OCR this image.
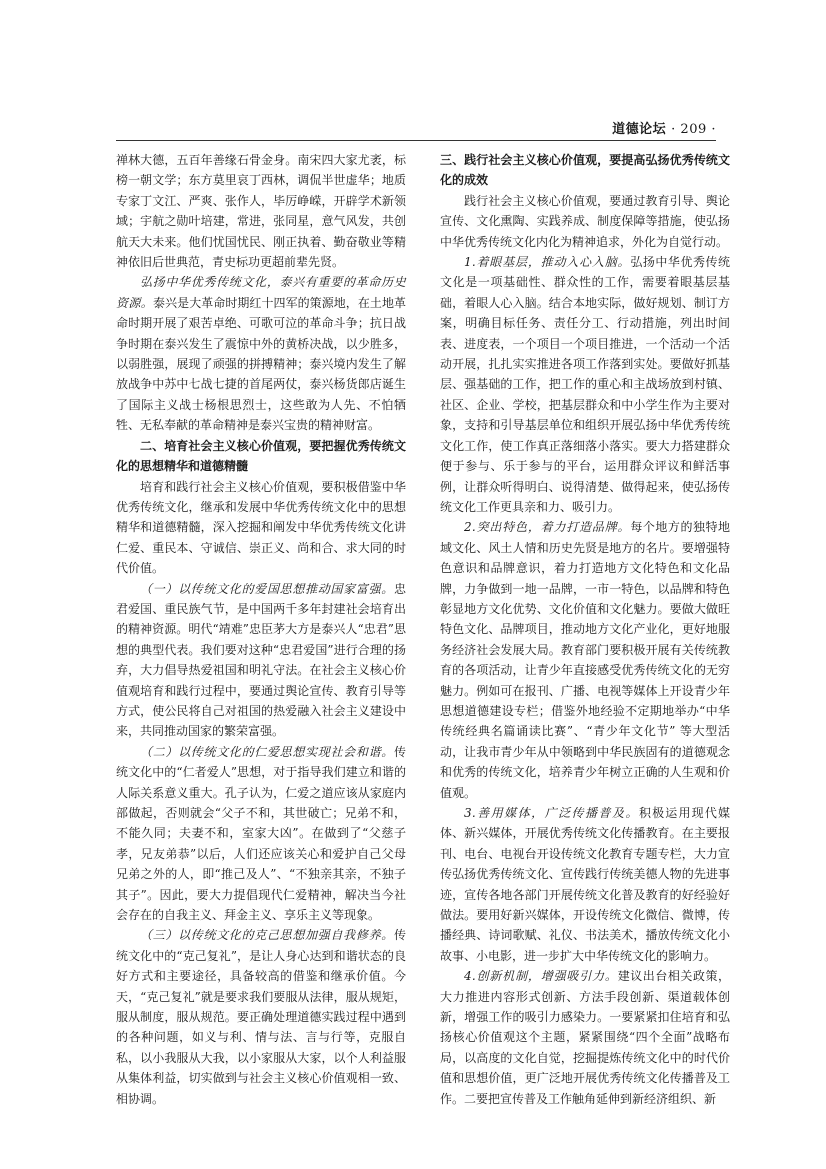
道德论坛 · 209 ·

禅林大德，五百年善缘石骨金身。南宋四大家尤袤，标榜一朝文学；东方莫里哀丁西林，调侃半世虚华；地质专家丁文江、严爽、张作人，毕厉峥嵘，开辟学术新领域；宇航之勋叶培建，常进，张同星，意气风发，共创航天大未来。他们忧国忧民、刚正执着、勤奋敬业等精神依旧后世典范，青史标功更超前辈先贤。

弘扬中华优秀传统文化，泰兴有重要的革命历史资源。泰兴是大革命时期红十四军的策源地，在土地革命时期开展了艰苦卓绝、可歌可泣的革命斗争；抗日战争时期在泰兴发生了震惊中外的黄桥决战，以少胜多，以弱胜强，展现了顽强的拼搏精神；泰兴境内发生了解放战争中苏中七战七捷的首尾两仗，泰兴杨货郎店诞生了国际主义战士杨根思烈士，这些敢为人先、不怕牺牲、无私奉献的革命精神是泰兴宝贵的精神财富。

二、培育社会主义核心价值观，要把握优秀传统文化的思想精华和道德精髓

培育和践行社会主义核心价值观，要积极借鉴中华优秀传统文化，继承和发展中华优秀传统文化中的思想精华和道德精髓，深入挖掘和阐发中华优秀传统文化讲仁爱、重民本、守诚信、崇正义、尚和合、求大同的时代价值。

（一）以传统文化的爱国思想推动国家富强。忠君爱国、重民族气节，是中国两千多年封建社会培育出的精神资源。明代“靖难”忠臣茅大方是泰兴人“忠君”思想的典型代表。我们要对这种“忠君爱国”进行合理的扬弃，大力倡导热爱祖国和明礼守法。在社会主义核心价值观培育和践行过程中，要通过舆论宣传、教育引导等方式，使公民将自己对祖国的热爱融入社会主义建设中来，共同推动国家的繁荣富强。

（二）以传统文化的仁爱思想实现社会和谐。传统文化中的“仁者爱人”思想，对于指导我们建立和谐的人际关系意义重大。孔子认为，仁爱之道应该从家庭内部做起，否则就会“父子不和，其世破亡；兄弟不和，不能久同；夫妻不和，室家大凶”。在做到了“父慈子孝，兄友弟恭”以后，人们还应该关心和爱护自己父母兄弟之外的人，即“推己及人”、“不独亲其亲，不独子其子”。因此，要大力提倡现代仁爱精神，解决当今社会存在的自我主义、拜金主义、享乐主义等现象。

（三）以传统文化的克己思想加强自我修养。传统文化中的“克己复礼”，是让人身心达到和谐状态的良好方式和主要途径，具备较高的借鉴和继承价值。今天，“克己复礼”就是要求我们要服从法律，服从规矩，服从制度，服从规范。要正确处理道德实践过程中遇到的各种问题，如义与利、情与法、言与行等，克服自私，以小我服从大我，以小家服从大家，以个人利益服从集体利益，切实做到与社会主义核心价值观相一致、相协调。

三、践行社会主义核心价值观，要提高弘扬优秀传统文化的成效

践行社会主义核心价值观，要通过教育引导、舆论宣传、文化熏陶、实践养成、制度保障等措施，使弘扬中华优秀传统文化内化为精神追求，外化为自觉行动。

1.着眼基层，推动入心入脑。弘扬中华优秀传统文化是一项基础性、群众性的工作，需要着眼基层基础，着眼人心入脑。结合本地实际，做好规划、制订方案，明确目标任务、责任分工、行动措施，列出时间表、进度表，一个项目一个项目推进，一个活动一个活动开展，扎扎实实推进各项工作落到实处。要做好抓基层、强基础的工作，把工作的重心和主战场放到村镇、社区、企业、学校，把基层群众和中小学生作为主要对象，支持和引导基层单位和组织开展弘扬中华优秀传统文化工作，使工作真正落细落小落实。要大力搭建群众便于参与、乐于参与的平台，运用群众评议和鲜活事例，让群众听得明白、说得清楚、做得起来，使弘扬传统文化工作更具亲和力、吸引力。

2.突出特色，着力打造品牌。每个地方的独特地域文化、风土人情和历史先贤是地方的名片。要增强特色意识和品牌意识，着力打造地方文化特色和文化品牌，力争做到一地一品牌，一市一特色，以品牌和特色彰显地方文化优势、文化价值和文化魅力。要做大做旺特色文化、品牌项目，推动地方文化产业化，更好地服务经济社会发展大局。教育部门要积极开展有关传统教育的各项活动，让青少年直接感受优秀传统文化的无穷魅力。例如可在报刊、广播、电视等媒体上开设青少年思想道德建设专栏；借鉴外地经验不定期地举办“中华传统经典名篇诵读比赛”、“青少年文化节” 等大型活动，让我市青少年从中领略到中华民族固有的道德观念和优秀的传统文化，培养青少年树立正确的人生观和价值观。

3.善用媒体，广泛传播普及。积极运用现代媒体、新兴媒体，开展优秀传统文化传播教育。在主要报刊、电台、电视台开设传统文化教育专题专栏，大力宣传弘扬优秀传统文化、宣传践行传统美德人物的先进事迹，宣传各地各部门开展传统文化普及教育的好经验好做法。要用好新兴媒体，开设传统文化微信、微博，传播经典、诗词歌赋、礼仪、书法美术，播放传统文化小故事、小电影，进一步扩大中华传统文化的影响力。

4.创新机制，增强吸引力。建议出台相关政策，大力推进内容形式创新、方法手段创新、渠道载体创新，增强工作的吸引力感染力。一要紧紧扣住培育和弘扬核心价值观这个主题，紧紧围绕“四个全面”战略布局，以高度的文化自觉，挖掘提炼传统文化中的时代价值和思想价值，更广泛地开展优秀传统文化传播普及工作。二要把宣传普及工作触角延伸到新经济组织、新
